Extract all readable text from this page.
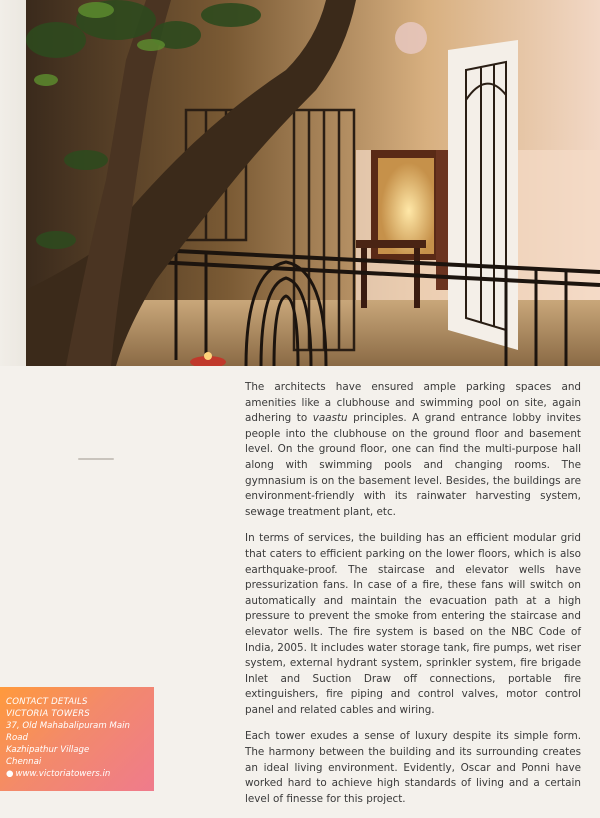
The architects have ensured ample parking spaces and amenities like a clubhouse and swimming pool on site, again adhering to vaastu principles. A grand entrance lobby invites people into the clubhouse on the ground floor and basement level. On the ground floor, one can find the multi-purpose hall along with swimming pools and changing rooms. The gymnasium is on the basement level. Besides, the buildings are environment-friendly with its rainwater harvesting system, sewage treatment plant, etc.

In terms of services, the building has an efficient modular grid that caters to efficient parking on the lower floors, which is also earthquake-proof. The staircase and elevator wells have pressurization fans. In case of a fire, these fans will switch on automatically and maintain the evacuation path at a high pressure to prevent the smoke from entering the staircase and elevator wells. The fire system is based on the NBC Code of India, 2005. It includes water storage tank, fire pumps, wet riser system, external hydrant system, sprinkler system, fire brigade Inlet and Suction Draw off connections, portable fire extinguishers, fire piping and control valves, motor control panel and related cables and wiring.

Each tower exudes a sense of luxury despite its simple form. The harmony between the building and its surrounding creates an ideal living environment. Evidently, Oscar and Ponni have worked hard to achieve high standards of living and a certain level of finesse for this project.

CONTACT DETAILS
VICTORIA TOWERS
37, Old Mahabalipuram Main Road
Kazhipathur Village
Chennai
● www.victoriatowers.in
